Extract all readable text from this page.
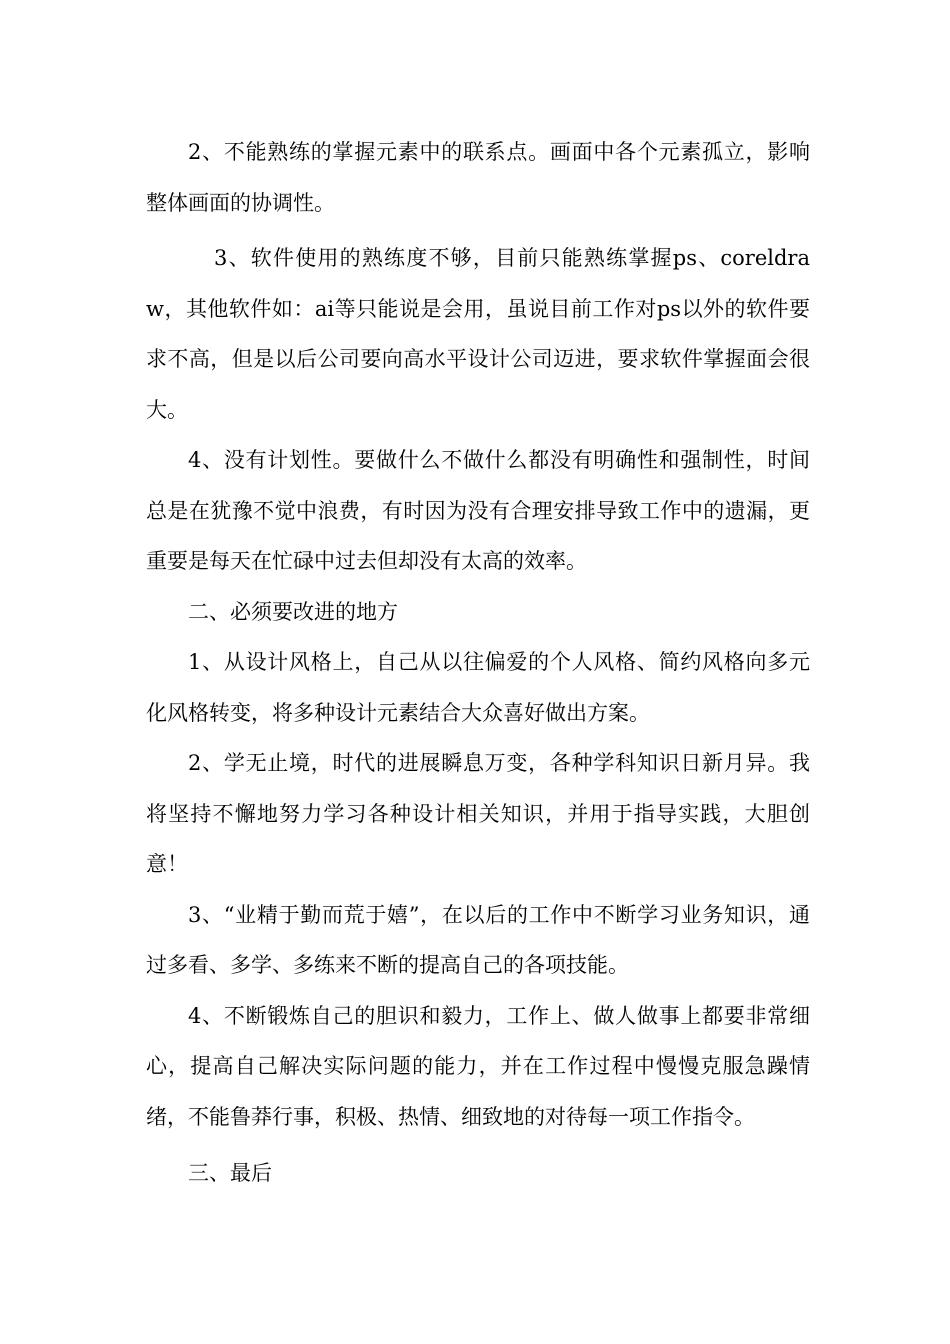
2、不能熟练的掌握元素中的联系点。画面中各个元素孤立，影响整体画面的协调性。

3、软件使用的熟练度不够，目前只能熟练掌握ps、coreldraw，其他软件如：ai等只能说是会用，虽说目前工作对ps以外的软件要求不高，但是以后公司要向高水平设计公司迈进，要求软件掌握面会很大。

4、没有计划性。要做什么不做什么都没有明确性和强制性，时间总是在犹豫不觉中浪费，有时因为没有合理安排导致工作中的遗漏，更重要是每天在忙碌中过去但却没有太高的效率。

二、必须要改进的地方

1、从设计风格上，自己从以往偏爱的个人风格、简约风格向多元化风格转变，将多种设计元素结合大众喜好做出方案。

2、学无止境，时代的进展瞬息万变，各种学科知识日新月异。我将坚持不懈地努力学习各种设计相关知识，并用于指导实践，大胆创意！

3、“业精于勤而荒于嬉”，在以后的工作中不断学习业务知识，通过多看、多学、多练来不断的提高自己的各项技能。

4、不断锻炼自己的胆识和毅力，工作上、做人做事上都要非常细心，提高自己解决实际问题的能力，并在工作过程中慢慢克服急躁情绪，不能鲁莽行事，积极、热情、细致地的对待每一项工作指令。

三、最后
